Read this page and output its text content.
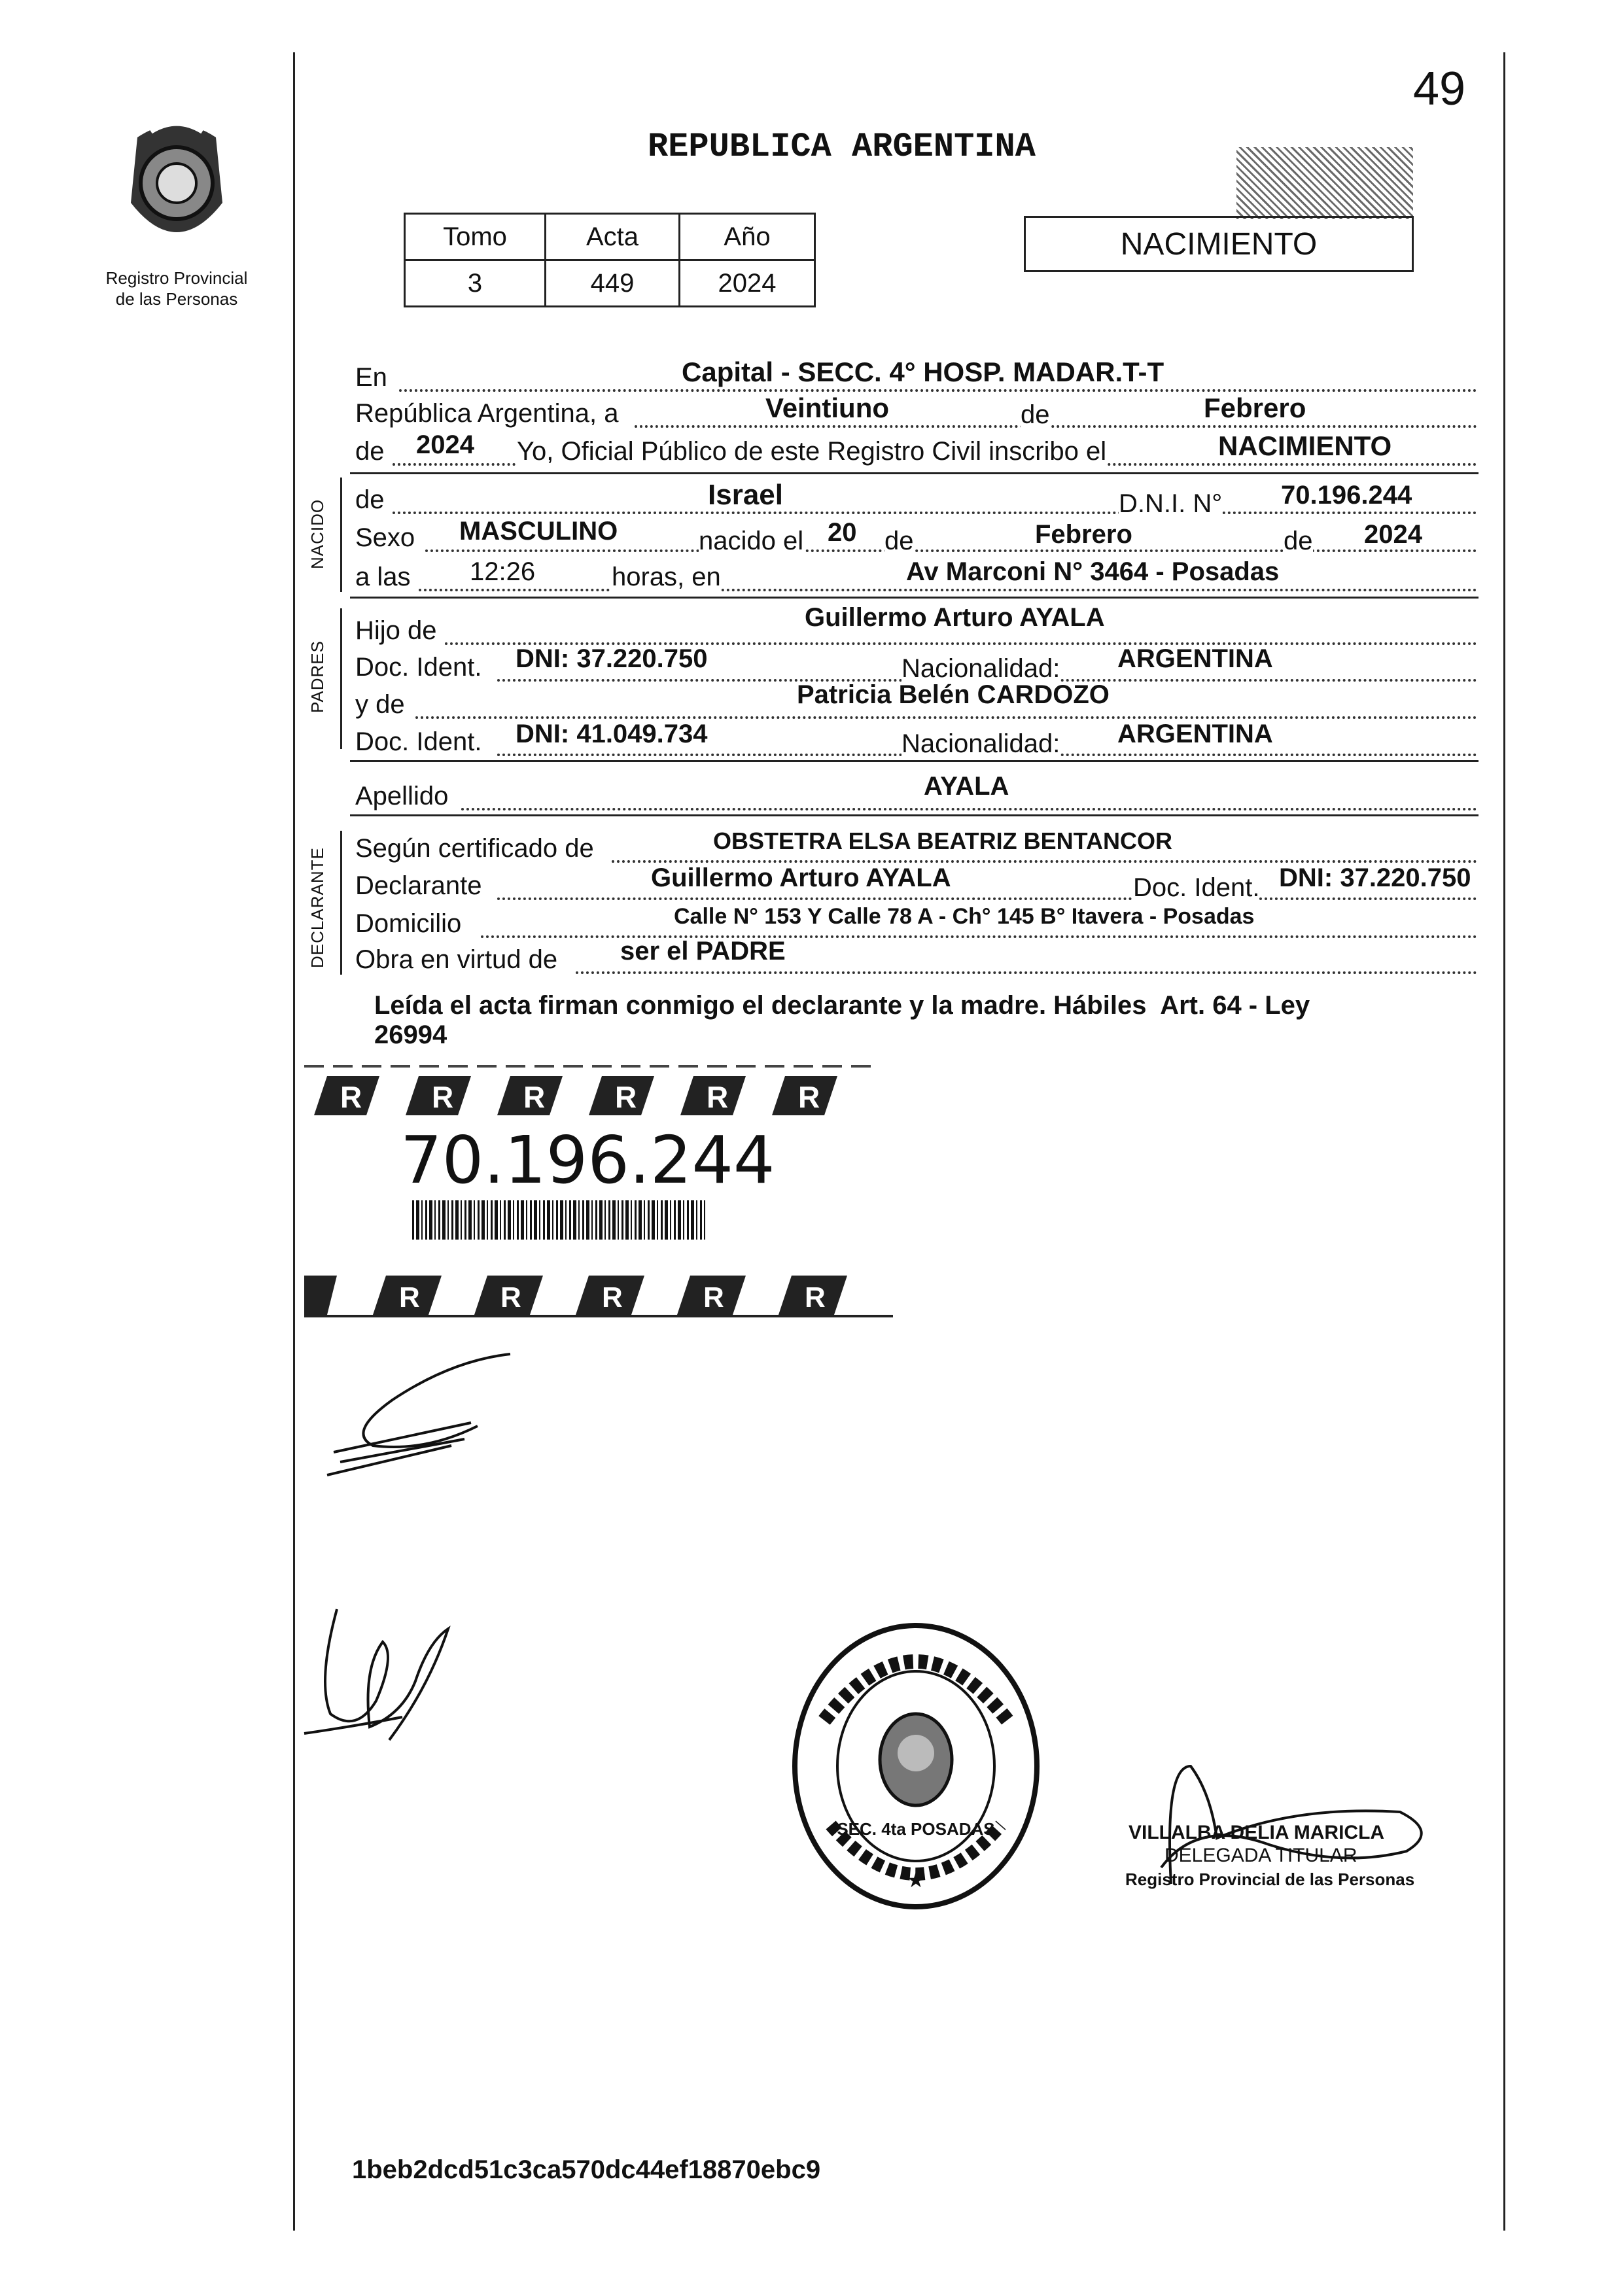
49
Registro Provincial
de las Personas
REPUBLICA ARGENTINA
NACIMIENTO
Tomo	Acta	Año
3	449	2024
En	Capital - SECC. 4° HOSP. MADAR.T-T
República Argentina, a	Veintiuno	de	Febrero
de 2024 Yo, Oficial Público de este Registro Civil inscribo el	NACIMIENTO
NACIDO de	Israel	D.N.I. N° 70.196.244
Sexo MASCULINO	nacido el 20 de	Febrero	de 2024
a las 12:26	horas, en	Av Marconi N° 3464 - Posadas
PADRES
Hijo de	Guillermo Arturo AYALA
Doc. Ident. DNI: 37.220.750	Nacionalidad: ARGENTINA
y de	Patricia Belén CARDOZO
Doc. Ident. DNI: 41.049.734	Nacionalidad: ARGENTINA
Apellido	AYALA
DECLARANTE Según certificado de	OBSTETRA ELSA BEATRIZ BENTANCOR
Declarante	Guillermo Arturo AYALA	Doc. Ident. DNI: 37.220.750
Domicilio	Calle N° 153 Y Calle 78 A - Ch° 145 B° Itavera - Posadas
Obra en virtud de ser el PADRE
Leída el acta firman conmigo el declarante y la madre. Hábiles  Art. 64 - Ley
26994
R R R R R R
70.196.244
R	R	R	R	R
SEC. 4ta POSADAS
★
VILLALBA DELIA MARICLA
DELEGADA TITULAR
Registro Provincial de las Personas
1beb2dcd51c3ca570dc44ef18870ebc9
